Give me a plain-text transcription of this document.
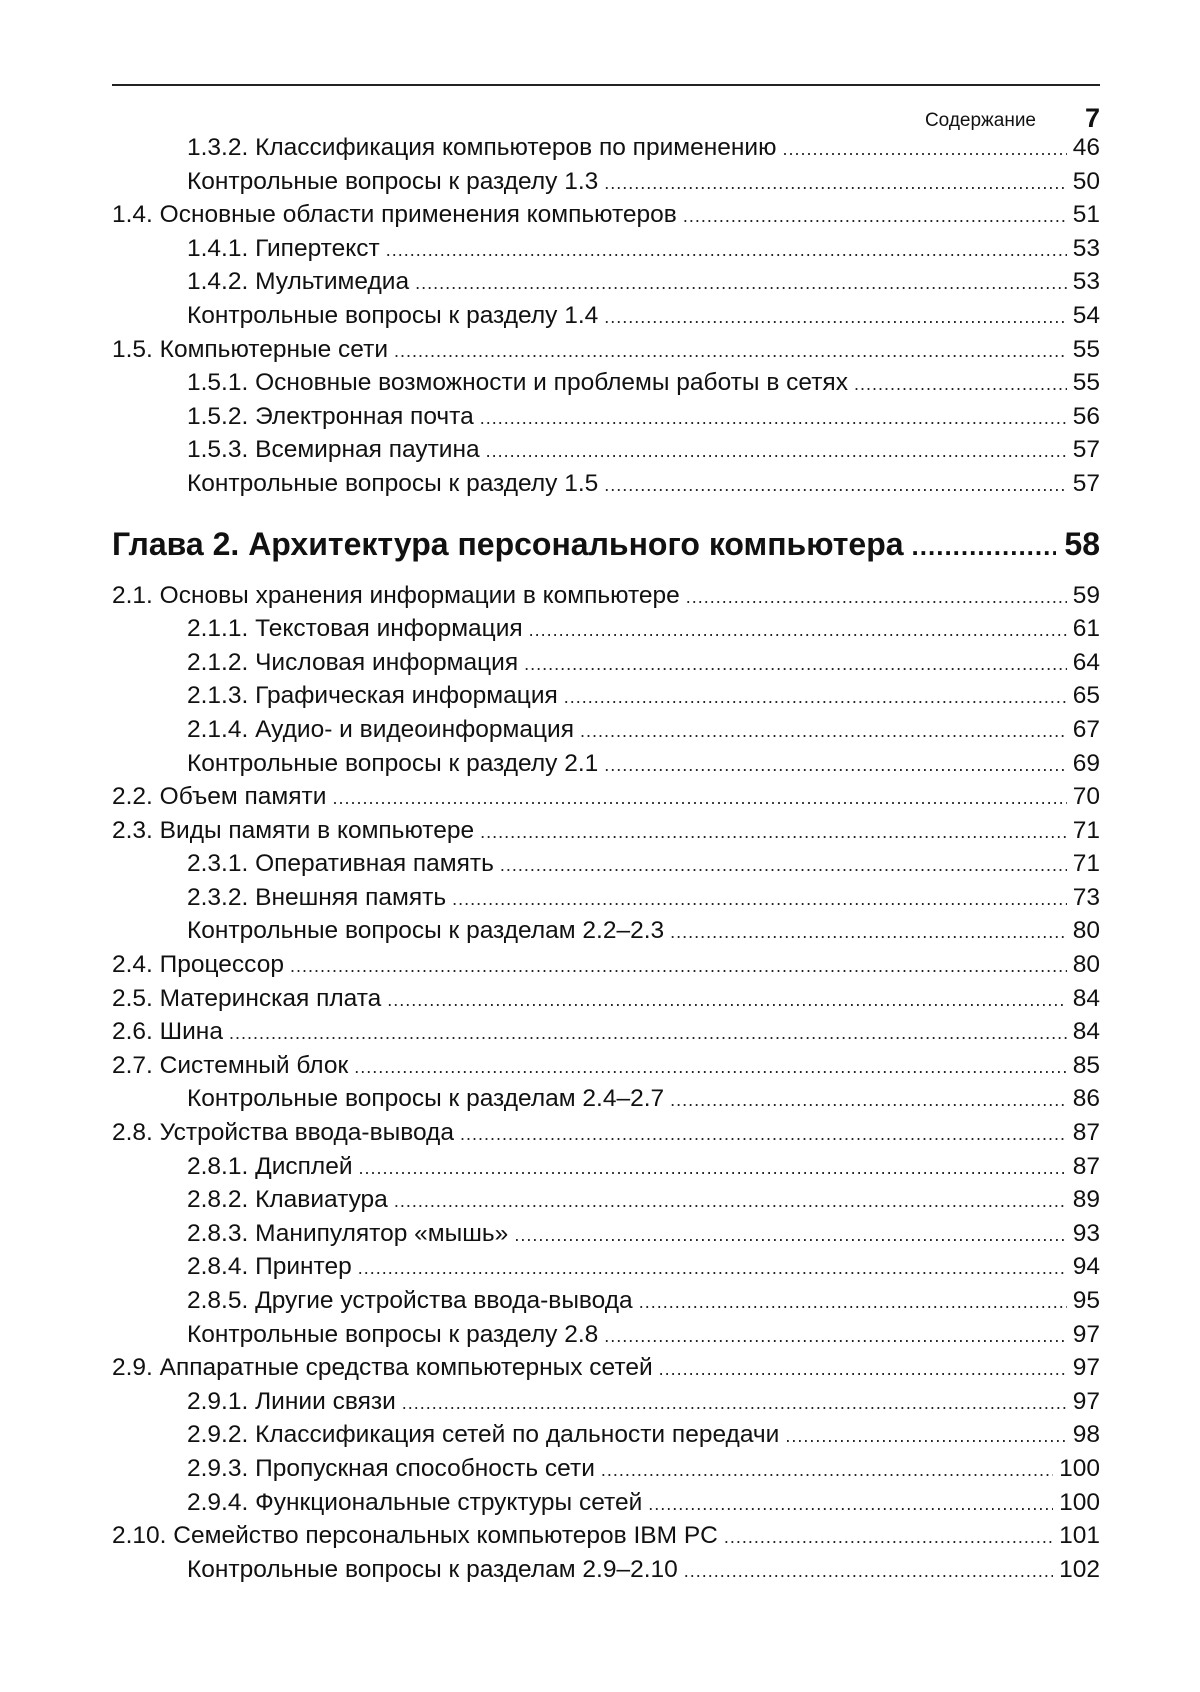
Содержание 7
1.3.2. Классификация компьютеров по применению .....	46
Контрольные вопросы к разделу 1.3 .....	50
1.4. Основные области применения компьютеров .....	51
1.4.1. Гипертекст .....	53
1.4.2. Мультимедиа .....	53
Контрольные вопросы к разделу 1.4 .....	54
1.5. Компьютерные сети .....	55
1.5.1. Основные возможности и проблемы работы в сетях .....	55
1.5.2. Электронная почта .....	56
1.5.3. Всемирная паутина .....	57
Контрольные вопросы к разделу 1.5 .....	57
Глава 2. Архитектура персонального компьютера .....	58
2.1. Основы хранения информации в компьютере .....	59
2.1.1. Текстовая информация .....	61
2.1.2. Числовая информация .....	64
2.1.3. Графическая информация .....	65
2.1.4. Аудио- и видеоинформация .....	67
Контрольные вопросы к разделу 2.1 .....	69
2.2. Объем памяти .....	70
2.3. Виды памяти в компьютере .....	71
2.3.1. Оперативная память .....	71
2.3.2. Внешняя память .....	73
Контрольные вопросы к разделам 2.2–2.3 .....	80
2.4. Процессор .....	80
2.5. Материнская плата .....	84
2.6. Шина .....	84
2.7. Системный блок .....	85
Контрольные вопросы к разделам 2.4–2.7 .....	86
2.8. Устройства ввода-вывода .....	87
2.8.1. Дисплей .....	87
2.8.2. Клавиатура .....	89
2.8.3. Манипулятор «мышь» .....	93
2.8.4. Принтер .....	94
2.8.5. Другие устройства ввода-вывода .....	95
Контрольные вопросы к разделу 2.8 .....	97
2.9. Аппаратные средства компьютерных сетей .....	97
2.9.1. Линии связи .....	97
2.9.2. Классификация сетей по дальности передачи .....	98
2.9.3. Пропускная способность сети .....	100
2.9.4. Функциональные структуры сетей .....	100
2.10. Семейство персональных компьютеров IBM PC .....	101
Контрольные вопросы к разделам 2.9–2.10 .....	102
